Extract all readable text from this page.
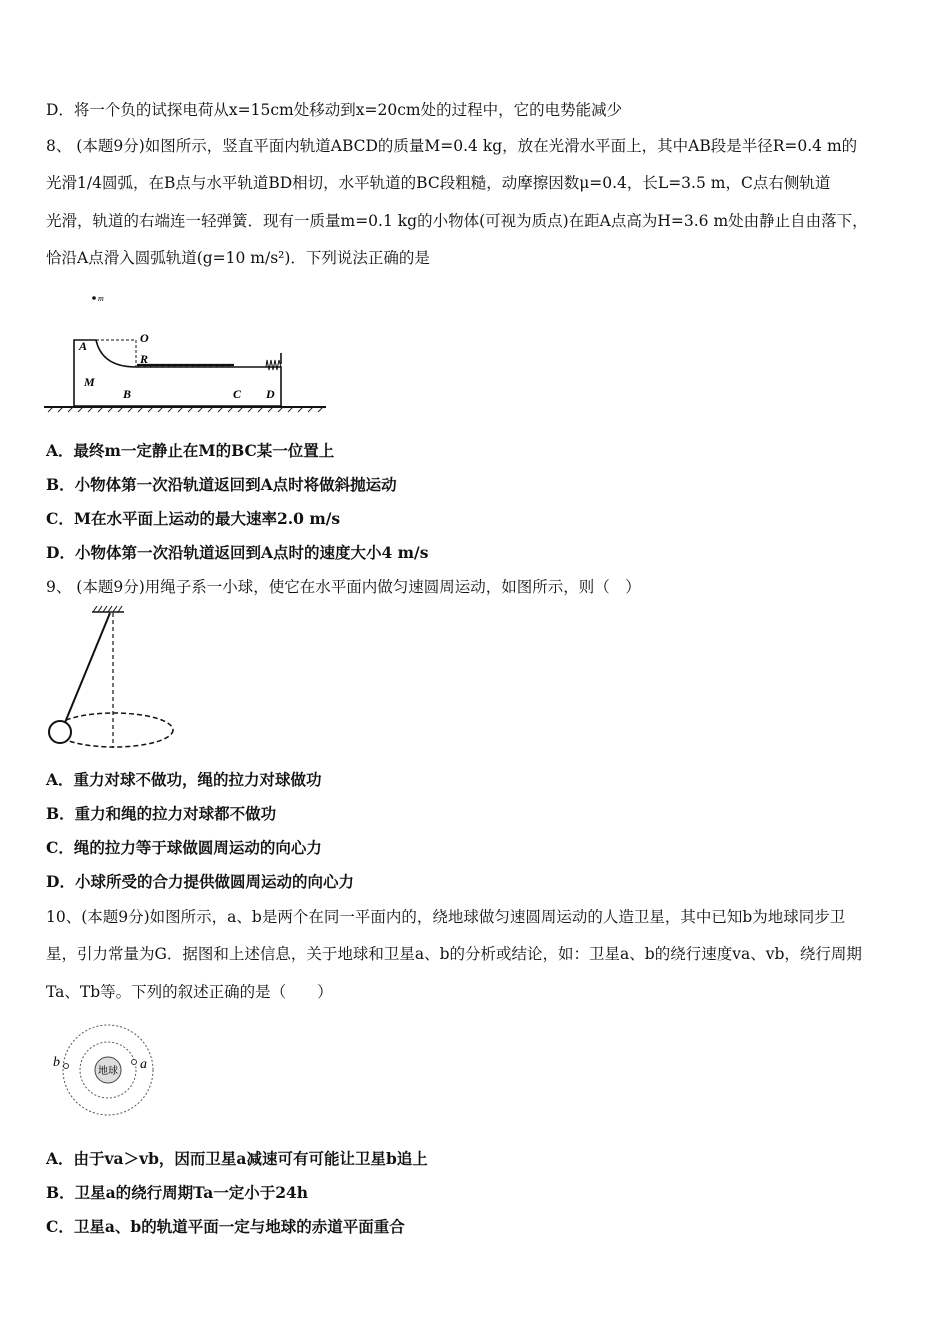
D．将一个负的试探电荷从x=15cm处移动到x=20cm处的过程中，它的电势能减少
8、 (本题9分)如图所示，竖直平面内轨道ABCD的质量M=0.4 kg，放在光滑水平面上，其中AB段是半径R=0.4 m的
光滑1/4圆弧，在B点与水平轨道BD相切，水平轨道的BC段粗糙，动摩擦因数μ=0.4，长L=3.5 m，C点右侧轨道
光滑，轨道的右端连一轻弹簧．现有一质量m=0.1 kg的小物体(可视为质点)在距A点高为H=3.6 m处由静止自由落下，
恰沿A点滑入圆弧轨道(g=10 m/s²)．下列说法正确的是
m
A
O
R
M
B	C D
A．最终m一定静止在M的BC某一位置上
B．小物体第一次沿轨道返回到A点时将做斜抛运动
C．M在水平面上运动的最大速率2.0 m/s
D．小物体第一次沿轨道返回到A点时的速度大小4 m/s
9、 (本题9分)用绳子系一小球，使它在水平面内做匀速圆周运动，如图所示，则（　）
A．重力对球不做功，绳的拉力对球做功
B．重力和绳的拉力对球都不做功
C．绳的拉力等于球做圆周运动的向心力
D．小球所受的合力提供做圆周运动的向心力
10、(本题9分)如图所示，a、b是两个在同一平面内的，绕地球做匀速圆周运动的人造卫星，其中已知b为地球同步卫
星，引力常量为G．据图和上述信息，关于地球和卫星a、b的分析或结论，如：卫星a、b的绕行速度va、vb，绕行周期
Ta、Tb等。下列的叙述正确的是（　　）
地球 a
b
A．由于va＞vb，因而卫星a减速可有可能让卫星b追上
B．卫星a的绕行周期Ta一定小于24h
C．卫星a、b的轨道平面一定与地球的赤道平面重合
